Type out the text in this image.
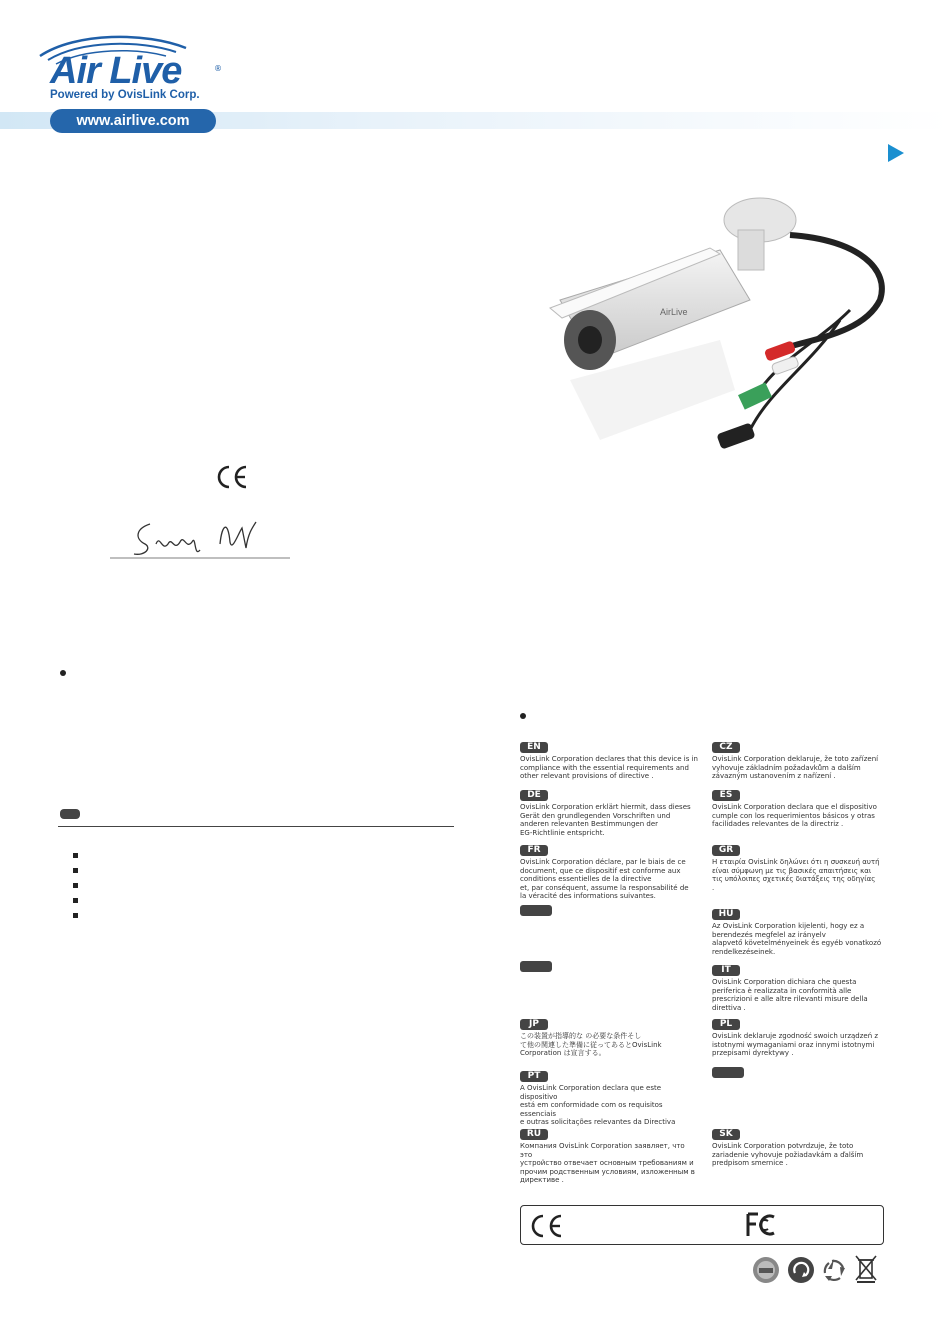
Air Live	®
Powered by OvisLink Corp.
www.airlive.com
AirLive
EN
OvisLink Corporation declares that this device is in
compliance with the essential requirements and
other relevant provisions of directive .
CZ
OvisLink Corporation deklaruje, že toto zařízení
vyhovuje základním požadavkům a dalším
závazným ustanovením z nařízení .
DE
OvisLink Corporation erklärt hiermit, dass dieses
Gerät den grundlegenden Vorschriften und
anderen relevanten Bestimmungen der
EG-Richtlinie entspricht.
ES
OvisLink Corporation declara que el dispositivo
cumple con los requerimientos básicos y otras
facilidades relevantes de la directriz .
FR
OvisLink Corporation déclare, par le biais de ce
document, que ce dispositif est conforme aux
conditions essentielles de la directive
et, par conséquent, assume la responsabilité de
la véracité des informations suivantes.
GR
Η εταιρία OvisLink δηλώνει ότι η συσκευή αυτή
είναι σύμφωνη με τις βασικές απαιτήσεις και
τις υπόλοιπες σχετικές διατάξεις της οδηγίας
.
HU
Az OvisLink Corporation kijelenti, hogy ez a
berendezés megfelel az irányelv
alapvető követelményeinek és egyéb vonatkozó
rendelkezéseinek.
IT
OvisLink Corporation dichiara che questa
periferica è realizzata in conformità alle
prescrizioni e alle altre rilevanti misure della
direttiva .
JP
この装置が指導的な の必要な条件そし
て他の関連した準備に従ってあるとOvisLink
Corporation は宣言する。
PL
OvisLink deklaruje zgodność swoich urządzeń z
istotnymi wymaganiami oraz innymi istotnymi
przepisami dyrektywy .
PT
A OvisLink Corporation declara que este dispositivo
está em conformidade com os requisitos essenciais
e outras solicitações relevantes da Directiva

RU
Компания OvisLink Corporation заявляет, что это
устройство отвечает основным требованиям и
прочим родственным условиям, изложенным в
директиве .
SK
OvisLink Corporation potvrdzuje, že toto
zariadenie vyhovuje požiadavkám a ďalším
predpisom smernice .
